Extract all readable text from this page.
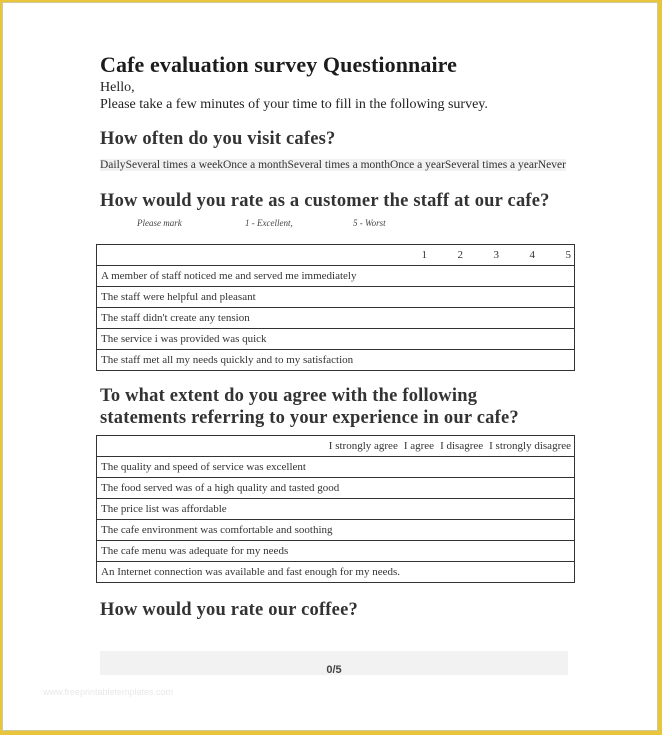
Cafe evaluation survey Questionnaire
Hello,
Please take a few minutes of your time to fill in the following survey.
How often do you visit cafes?
DailySeveral times a weekOnce a monthSeveral times a monthOnce a yearSeveral times a yearNever
How would you rate as a customer the staff at our cafe?
Please mark	1 - Excellent,	5 - Worst
1	2	3	4	5
A member of staff noticed me and served me immediately
The staff were helpful and pleasant
The staff didn't create any tension
The service i was provided was quick
The staff met all my needs quickly and to my satisfaction
To what extent do you agree with the following
statements referring to your experience in our cafe?
I strongly agree I agree I disagree I strongly disagree
The quality and speed of service was excellent
The food served was of a high quality and tasted good
The price list was affordable
The cafe environment was comfortable and soothing
The cafe menu was adequate for my needs
An Internet connection was available and fast enough for my needs.
How would you rate our coffee?
0/5
www.freeprintabletemplates.com
